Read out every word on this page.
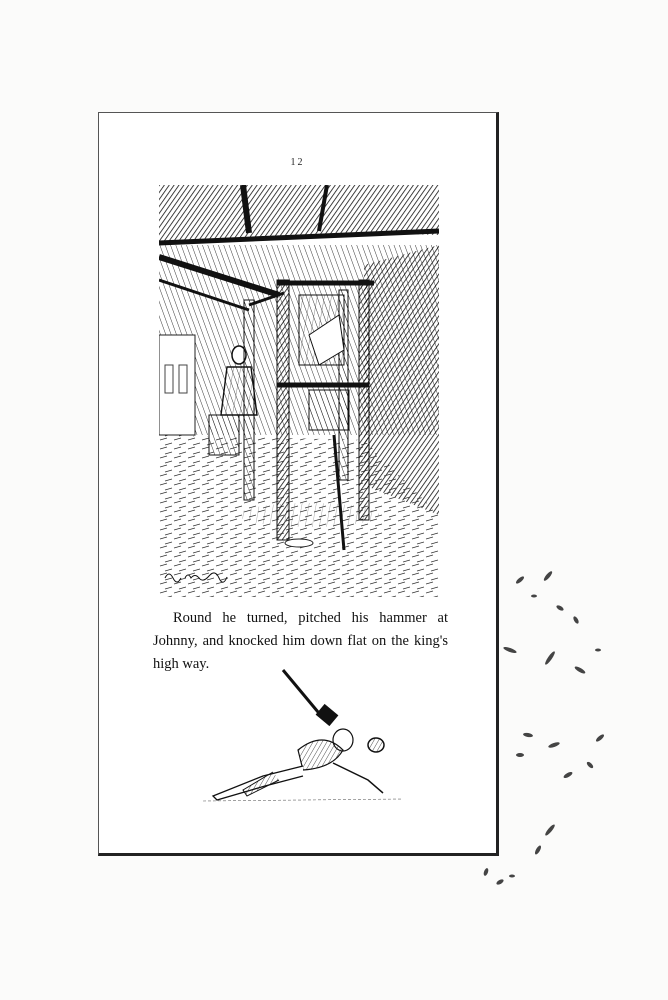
12
Round he turned, pitched his hammer at Johnny, and knocked him down flat on the king's high way.
